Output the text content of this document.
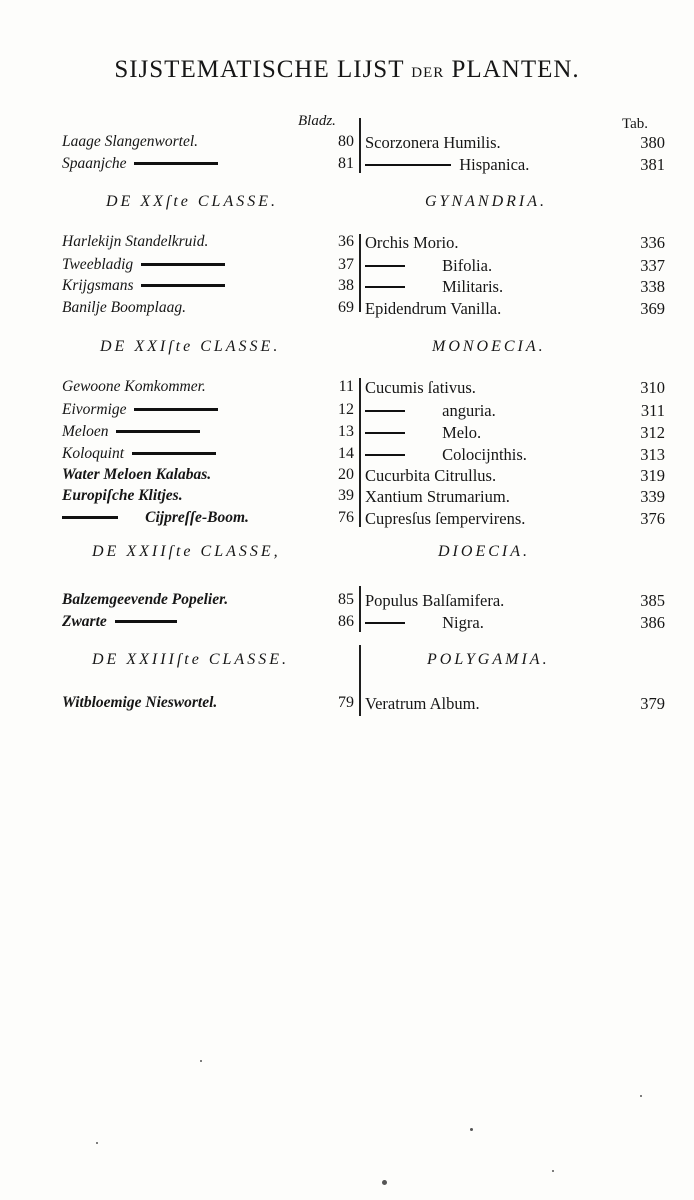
SIJSTEMATISCHE LIJST DER PLANTEN.
Bladz.	Tab.
Laage Slangenwortel.	80 Scorzonera Humilis.	380
Spaanjche	81	Hispanica.	381
DE XXſte CLASSE.	GYNANDRIA.
Harlekijn Standelkruid.	36 Orchis Morio.	336
Tweebladig	37	Bifolia.	337
Krijgsmans	38	Militaris.	338
Banilje Boomplaag.	69 Epidendrum Vanilla.	369
DE XXIſte CLASSE.	MONOECIA.
Gewoone Komkommer.	11 Cucumis ſativus.	310
Eivormige	12	anguria.	311
Meloen	13	Melo.	312
Koloquint	14	Colocijnthis.	313
Water Meloen Kalabas.	20 Cucurbita Citrullus.	319
Europiſche Klitjes.	39 Xantium Strumarium.	339
Cijpreſſe-Boom.	76 Cupresſus ſempervirens.	376
DE XXIIſte CLASSE,	DIOECIA.
Balzemgeevende Popelier.	85 Populus Balſamifera.	385
Zwarte	86	Nigra.	386
DE XXIIIſte CLASSE.	POLYGAMIA.
Witbloemige Nieswortel.	79 Veratrum Album.	379
